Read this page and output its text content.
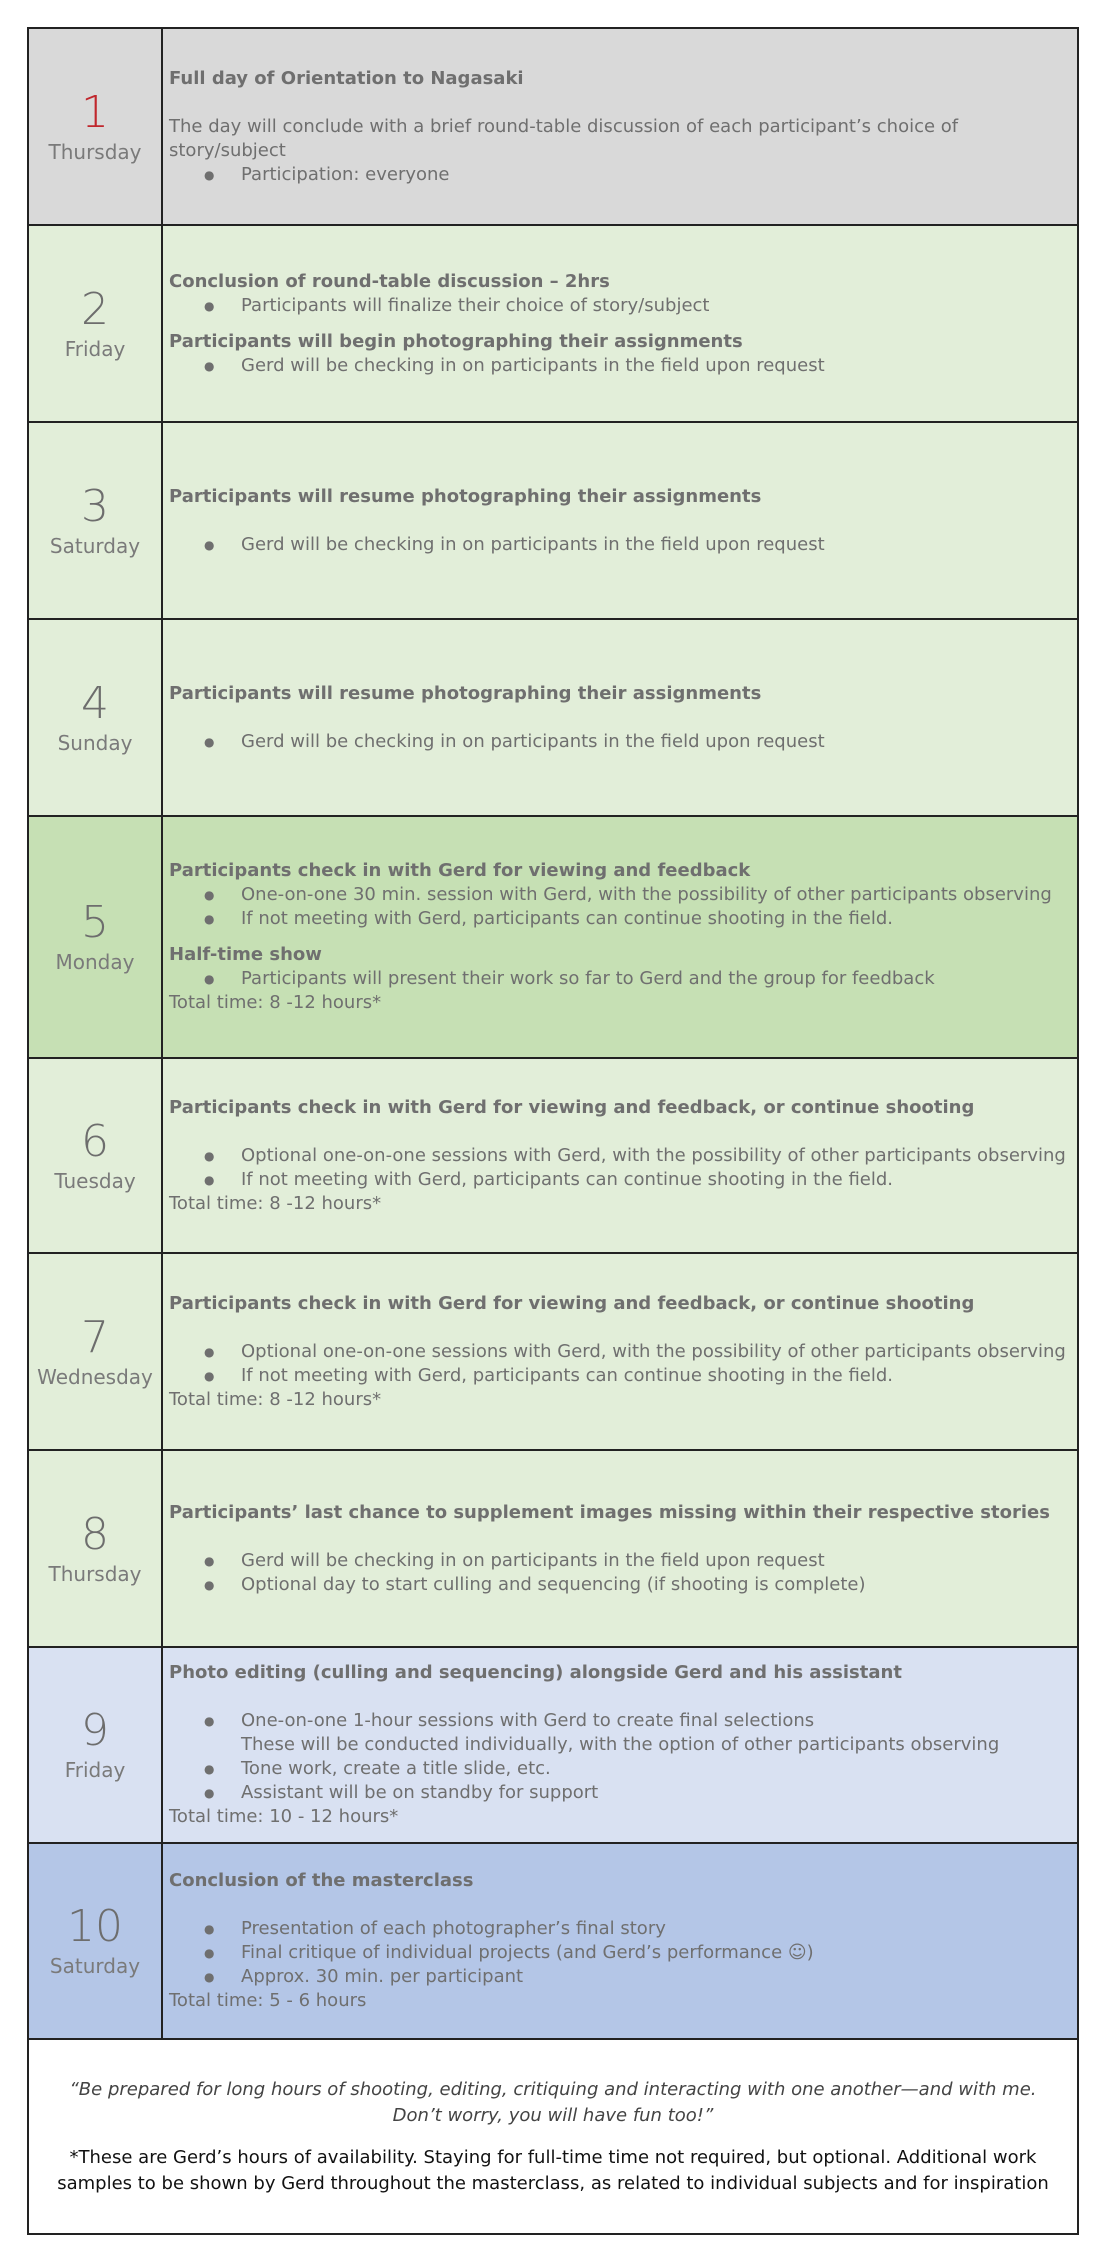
1
Thursday
Full day of Orientation to Nagasaki
The day will conclude with a brief round-table discussion of each participant’s choice of story/subject
● Participation: everyone
2
Friday
Conclusion of round-table discussion – 2hrs
● Participants will finalize their choice of story/subject
Participants will begin photographing their assignments
● Gerd will be checking in on participants in the field upon request
3
Saturday
Participants will resume photographing their assignments
● Gerd will be checking in on participants in the field upon request
4
Sunday
Participants will resume photographing their assignments
● Gerd will be checking in on participants in the field upon request
5
Monday
Participants check in with Gerd for viewing and feedback
● One-on-one 30 min. session with Gerd, with the possibility of other participants observing
● If not meeting with Gerd, participants can continue shooting in the field.
Half-time show
● Participants will present their work so far to Gerd and the group for feedback
Total time: 8 -12 hours*
6
Tuesday
Participants check in with Gerd for viewing and feedback, or continue shooting
● Optional one-on-one sessions with Gerd, with the possibility of other participants observing
● If not meeting with Gerd, participants can continue shooting in the field.
Total time: 8 -12 hours*
7
Wednesday
Participants check in with Gerd for viewing and feedback, or continue shooting
● Optional one-on-one sessions with Gerd, with the possibility of other participants observing
● If not meeting with Gerd, participants can continue shooting in the field.
Total time: 8 -12 hours*
8
Thursday
Participants’ last chance to supplement images missing within their respective stories
● Gerd will be checking in on participants in the field upon request
● Optional day to start culling and sequencing (if shooting is complete)
9
Friday
Photo editing (culling and sequencing) alongside Gerd and his assistant
● One-on-one 1-hour sessions with Gerd to create final selections
These will be conducted individually, with the option of other participants observing
● Tone work, create a title slide, etc.
● Assistant will be on standby for support
Total time: 10 - 12 hours*
10
Saturday
Conclusion of the masterclass
● Presentation of each photographer’s final story
● Final critique of individual projects (and Gerd’s performance ☺)
● Approx. 30 min. per participant
Total time: 5 - 6 hours
“Be prepared for long hours of shooting, editing, critiquing and interacting with one another—and with me. Don’t worry, you will have fun too!”
*These are Gerd’s hours of availability. Staying for full-time time not required, but optional. Additional work samples to be shown by Gerd throughout the masterclass, as related to individual subjects and for inspiration
